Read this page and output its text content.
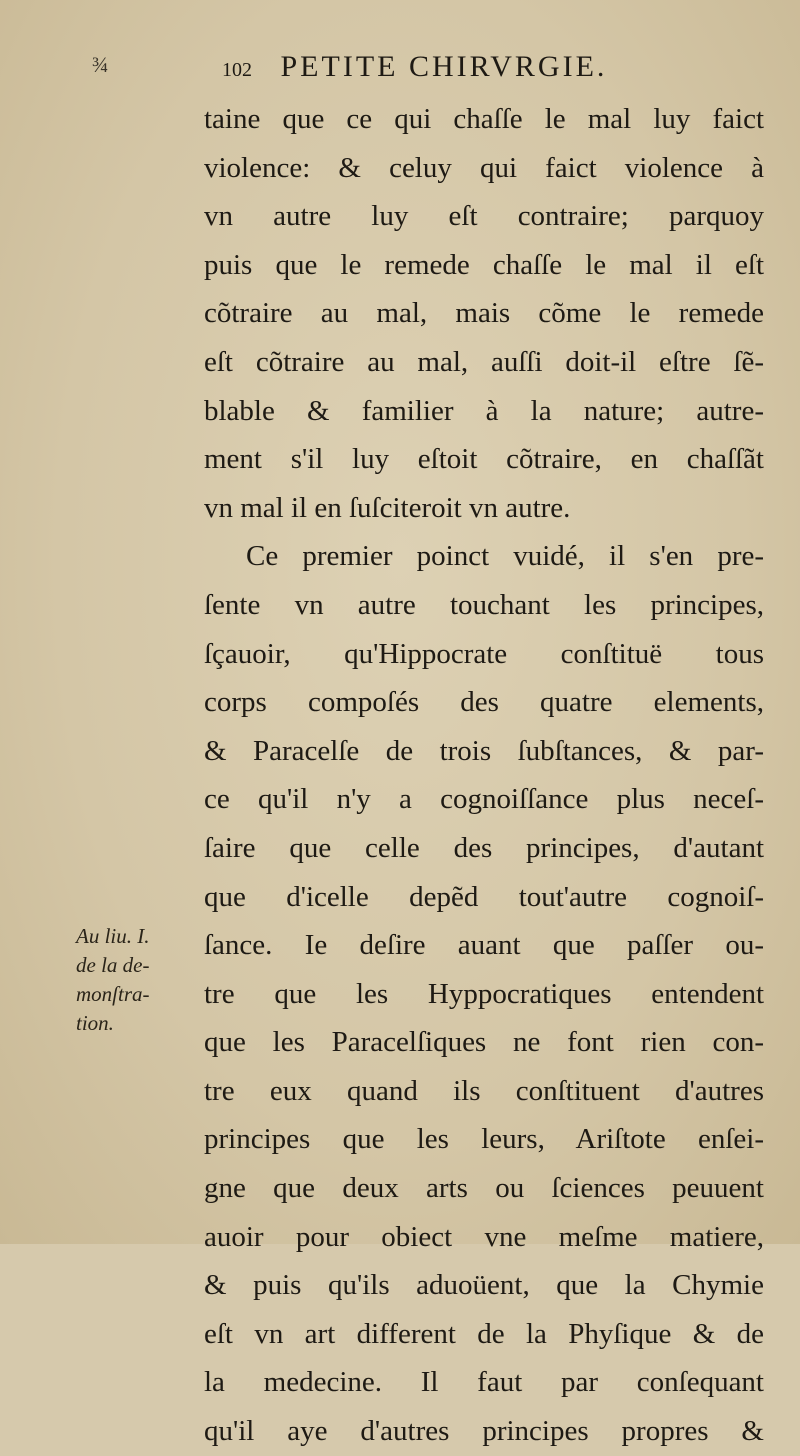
¾	102 PETITE CHIRVRGIE.
taine que ce qui chaſſe le mal luy faict
violence: & celuy qui faict violence à
vn autre luy eſt contraire; parquoy
puis que le remede chaſſe le mal il eſt
cõtraire au mal, mais cõme le remede
eſt cõtraire au mal, auſſi doit-il eſtre ſẽ-
blable & familier à la nature; autre-
ment s'il luy eſtoit cõtraire, en chaſſãt
vn mal il en ſuſciteroit vn autre.
Ce premier poinct vuidé, il s'en pre-
ſente vn autre touchant les principes,
ſçauoir, qu'Hippocrate conſtituë tous
corps compoſés des quatre elements,
& Paracelſe de trois ſubſtances, & par-
ce qu'il n'y a cognoiſſance plus neceſ-
ſaire que celle des principes, d'autant
que d'icelle depẽd tout'autre cognoiſ-
ſance. Ie deſire auant que paſſer ou-
tre que les Hyppocratiques entendent
que les Paracelſiques ne font rien con-
tre eux quand ils conſtituent d'autres
principes que les leurs, Ariſtote enſei-
gne que deux arts ou ſciences peuuent
auoir pour obiect vne meſme matiere,
& puis qu'ils aduoüent, que la Chymie
eſt vn art different de la Phyſique & de
la medecine. Il faut par conſequant
qu'il aye d'autres principes propres &
Au liu. I.
de la de-
monſtra-
tion.
